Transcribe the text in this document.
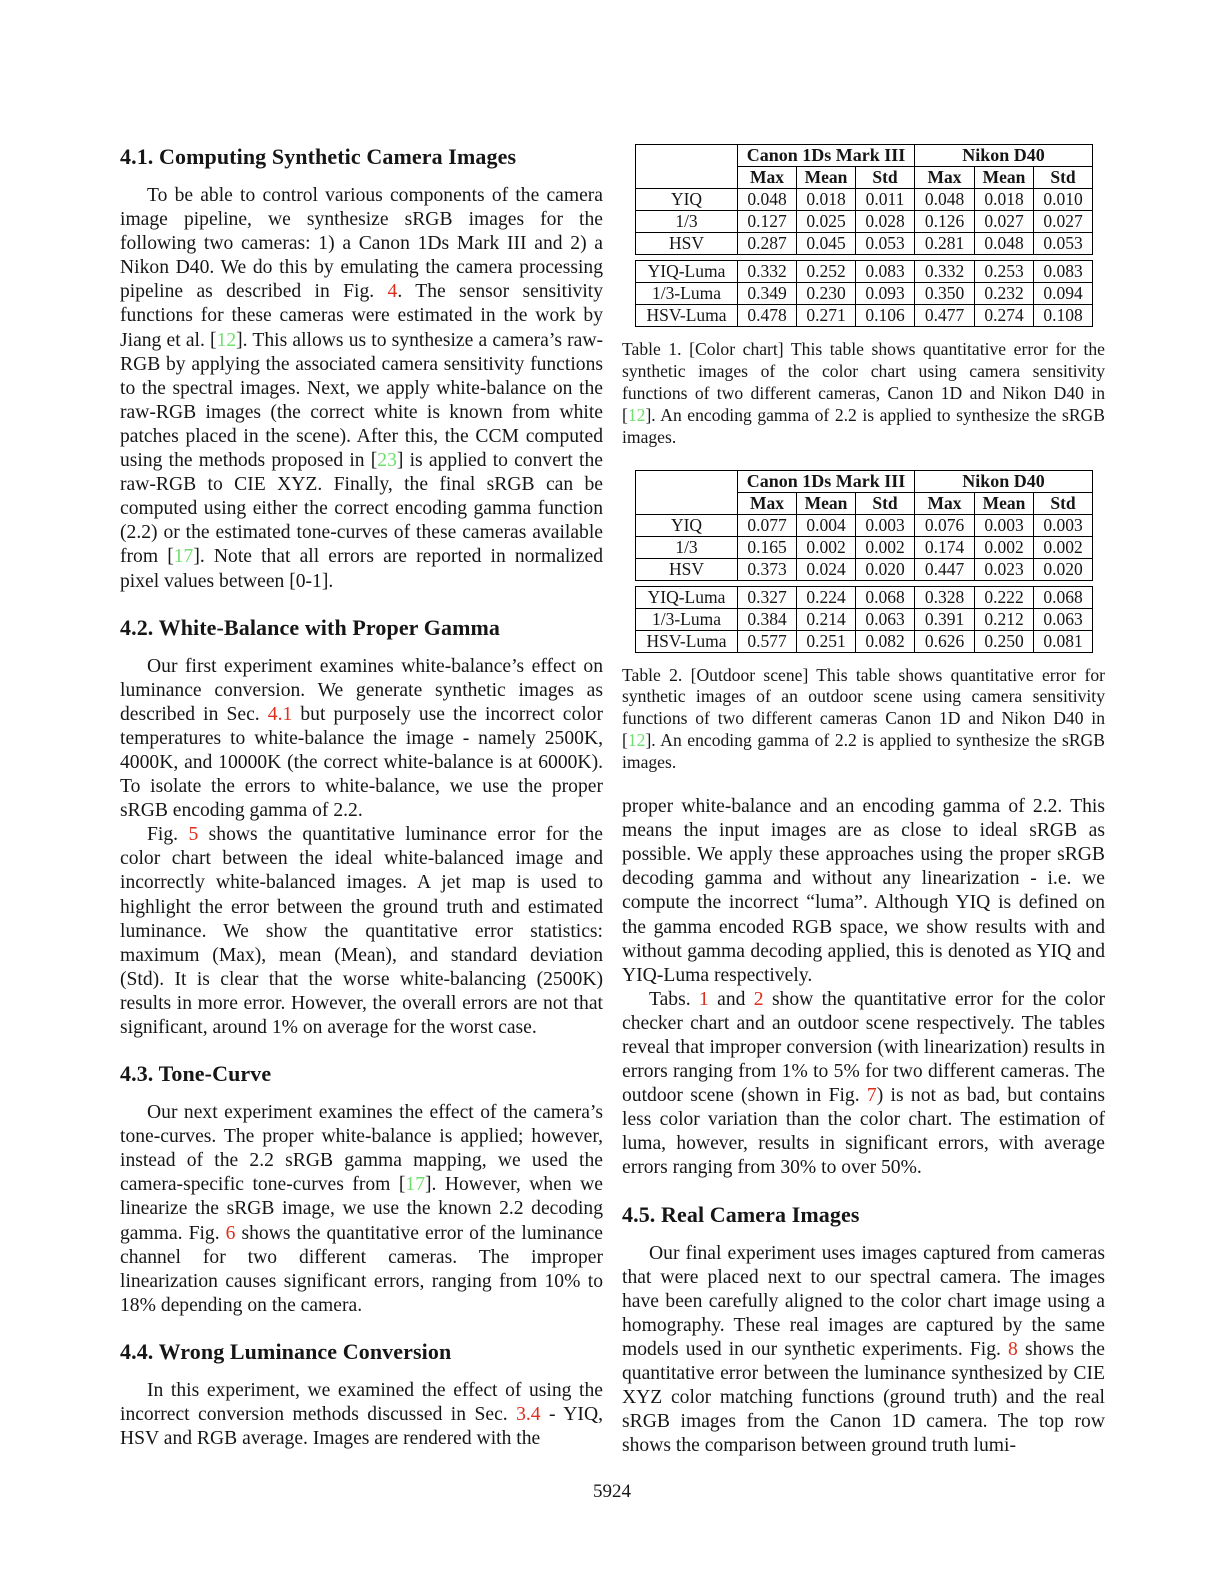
4.1. Computing Synthetic Camera Images

To be able to control various components of the camera image pipeline, we synthesize sRGB images for the following two cameras: 1) a Canon 1Ds Mark III and 2) a Nikon D40. We do this by emulating the camera processing pipeline as described in Fig. 4. The sensor sensitivity functions for these cameras were estimated in the work by Jiang et al. [12]. This allows us to synthesize a camera’s raw-RGB by applying the associated camera sensitivity functions to the spectral images. Next, we apply white-balance on the raw-RGB images (the correct white is known from white patches placed in the scene). After this, the CCM computed using the methods proposed in [23] is applied to convert the raw-RGB to CIE XYZ. Finally, the final sRGB can be computed using either the correct encoding gamma function (2.2) or the estimated tone-curves of these cameras available from [17]. Note that all errors are reported in normalized pixel values between [0-1].

4.2. White-Balance with Proper Gamma

Our first experiment examines white-balance’s effect on luminance conversion. We generate synthetic images as described in Sec. 4.1 but purposely use the incorrect color temperatures to white-balance the image - namely 2500K, 4000K, and 10000K (the correct white-balance is at 6000K). To isolate the errors to white-balance, we use the proper sRGB encoding gamma of 2.2.

Fig. 5 shows the quantitative luminance error for the color chart between the ideal white-balanced image and incorrectly white-balanced images. A jet map is used to highlight the error between the ground truth and estimated luminance. We show the quantitative error statistics: maximum (Max), mean (Mean), and standard deviation (Std). It is clear that the worse white-balancing (2500K) results in more error. However, the overall errors are not that significant, around 1% on average for the worst case.

4.3. Tone-Curve

Our next experiment examines the effect of the camera’s tone-curves. The proper white-balance is applied; however, instead of the 2.2 sRGB gamma mapping, we used the camera-specific tone-curves from [17]. However, when we linearize the sRGB image, we use the known 2.2 decoding gamma. Fig. 6 shows the quantitative error of the luminance channel for two different cameras. The improper linearization causes significant errors, ranging from 10% to 18% depending on the camera.

4.4. Wrong Luminance Conversion

In this experiment, we examined the effect of using the incorrect conversion methods discussed in Sec. 3.4 - YIQ, HSV and RGB average. Images are rendered with the

	Canon 1Ds Mark III			Nikon D40		
	Max	Mean	Std	Max	Mean	Std
YIQ	0.048	0.018	0.011	0.048	0.018	0.010
1/3	0.127	0.025	0.028	0.126	0.027	0.027
HSV	0.287	0.045	0.053	0.281	0.048	0.053
YIQ-Luma	0.332	0.252	0.083	0.332	0.253	0.083
1/3-Luma	0.349	0.230	0.093	0.350	0.232	0.094
HSV-Luma	0.478	0.271	0.106	0.477	0.274	0.108

Table 1. [Color chart] This table shows quantitative error for the synthetic images of the color chart using camera sensitivity functions of two different cameras, Canon 1D and Nikon D40 in [12]. An encoding gamma of 2.2 is applied to synthesize the sRGB images.

	Canon 1Ds Mark III			Nikon D40		
	Max	Mean	Std	Max	Mean	Std
YIQ	0.077	0.004	0.003	0.076	0.003	0.003
1/3	0.165	0.002	0.002	0.174	0.002	0.002
HSV	0.373	0.024	0.020	0.447	0.023	0.020
YIQ-Luma	0.327	0.224	0.068	0.328	0.222	0.068
1/3-Luma	0.384	0.214	0.063	0.391	0.212	0.063
HSV-Luma	0.577	0.251	0.082	0.626	0.250	0.081

Table 2. [Outdoor scene] This table shows quantitative error for synthetic images of an outdoor scene using camera sensitivity functions of two different cameras Canon 1D and Nikon D40 in [12]. An encoding gamma of 2.2 is applied to synthesize the sRGB images.

proper white-balance and an encoding gamma of 2.2. This means the input images are as close to ideal sRGB as possible. We apply these approaches using the proper sRGB decoding gamma and without any linearization - i.e. we compute the incorrect “luma”. Although YIQ is defined on the gamma encoded RGB space, we show results with and without gamma decoding applied, this is denoted as YIQ and YIQ-Luma respectively.

Tabs. 1 and 2 show the quantitative error for the color checker chart and an outdoor scene respectively. The tables reveal that improper conversion (with linearization) results in errors ranging from 1% to 5% for two different cameras. The outdoor scene (shown in Fig. 7) is not as bad, but contains less color variation than the color chart. The estimation of luma, however, results in significant errors, with average errors ranging from 30% to over 50%.

4.5. Real Camera Images

Our final experiment uses images captured from cameras that were placed next to our spectral camera. The images have been carefully aligned to the color chart image using a homography. These real images are captured by the same models used in our synthetic experiments. Fig. 8 shows the quantitative error between the luminance synthesized by CIE XYZ color matching functions (ground truth) and the real sRGB images from the Canon 1D camera. The top row shows the comparison between ground truth lumi-

5924
